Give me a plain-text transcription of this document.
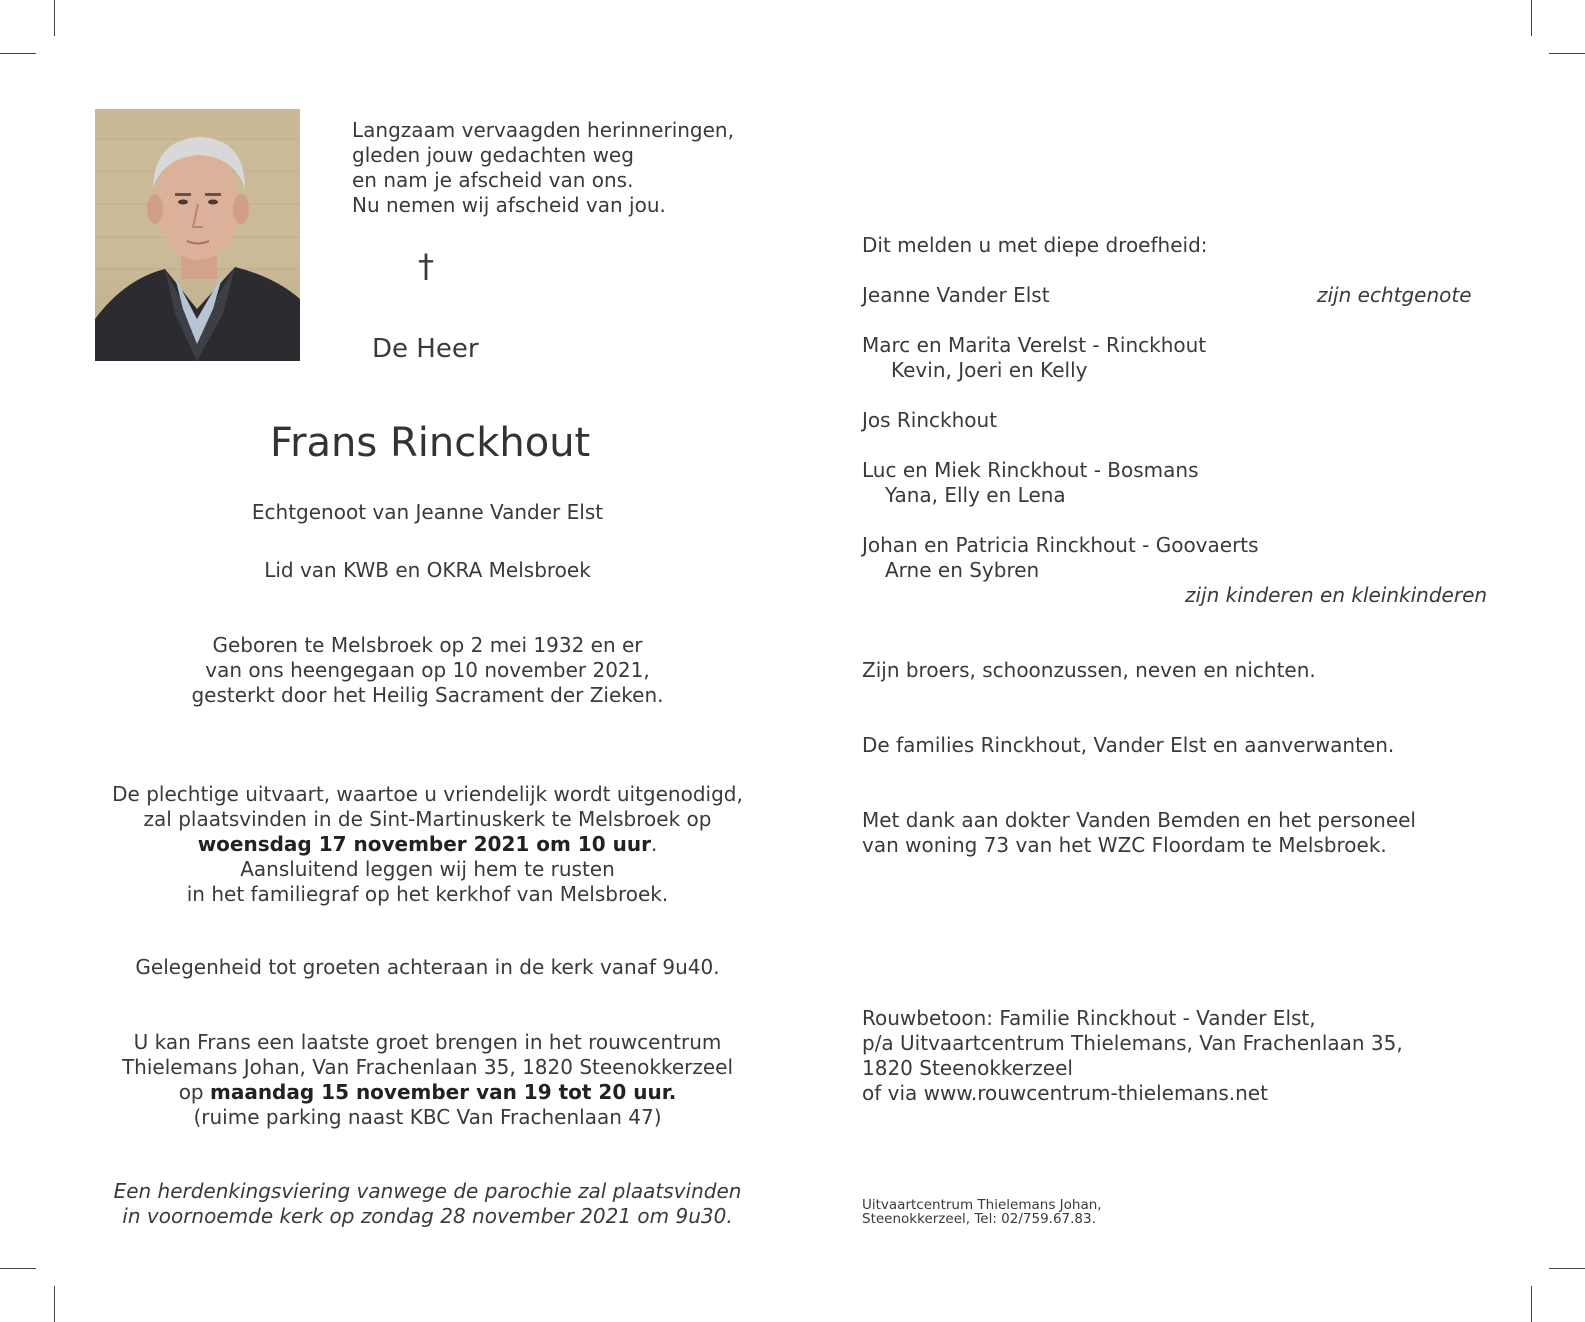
Langzaam vervaagden herinneringen,
gleden jouw gedachten weg
en nam je afscheid van ons.
Nu nemen wij afscheid van jou.
†
De Heer
Frans Rinckhout
Echtgenoot van Jeanne Vander Elst
Lid van KWB en OKRA Melsbroek
Geboren te Melsbroek op 2 mei 1932 en er
van ons heengegaan op 10 november 2021,
gesterkt door het Heilig Sacrament der Zieken.
De plechtige uitvaart, waartoe u vriendelijk wordt uitgenodigd,
zal plaatsvinden in de Sint-Martinuskerk te Melsbroek op
woensdag 17 november 2021 om 10 uur.
Aansluitend leggen wij hem te rusten
in het familiegraf op het kerkhof van Melsbroek.
Gelegenheid tot groeten achteraan in de kerk vanaf 9u40.
U kan Frans een laatste groet brengen in het rouwcentrum
Thielemans Johan, Van Frachenlaan 35, 1820 Steenokkerzeel
op maandag 15 november van 19 tot 20 uur.
(ruime parking naast KBC Van Frachenlaan 47)
Een herdenkingsviering vanwege de parochie zal plaatsvinden
in voornoemde kerk op zondag 28 november 2021 om 9u30.
Dit melden u met diepe droefheid:
Jeanne Vander Elst	zijn echtgenote
Marc en Marita Verelst - Rinckhout
Kevin, Joeri en Kelly
Jos Rinckhout
Luc en Miek Rinckhout - Bosmans
Yana, Elly en Lena
Johan en Patricia Rinckhout - Goovaerts
Arne en Sybren
zijn kinderen en kleinkinderen
Zijn broers, schoonzussen, neven en nichten.
De families Rinckhout, Vander Elst en aanverwanten.
Met dank aan dokter Vanden Bemden en het personeel
van woning 73 van het WZC Floordam te Melsbroek.
Rouwbetoon: Familie Rinckhout - Vander Elst,
p/a Uitvaartcentrum Thielemans, Van Frachenlaan 35,
1820 Steenokkerzeel
of via www.rouwcentrum-thielemans.net
Uitvaartcentrum Thielemans Johan,
Steenokkerzeel, Tel: 02/759.67.83.
